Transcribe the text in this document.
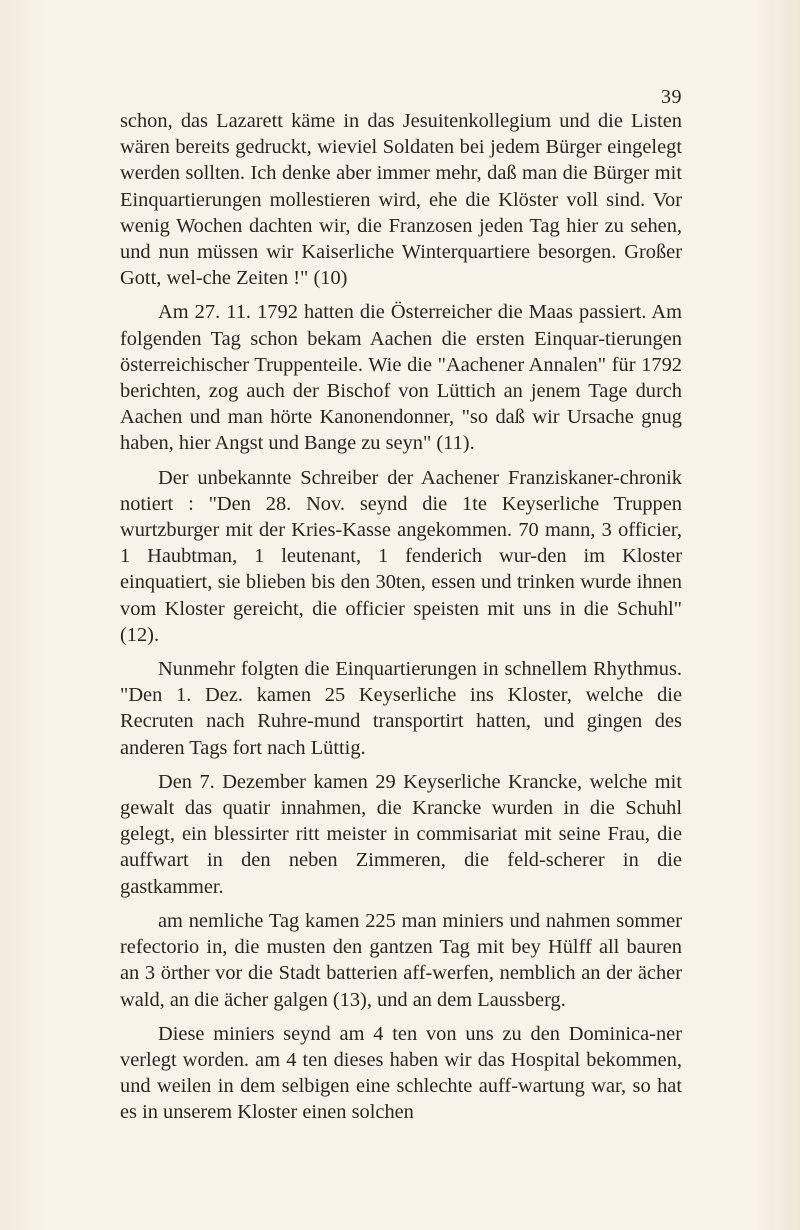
39

schon, das Lazarett käme in das Jesuitenkollegium und die Listen wären bereits gedruckt, wieviel Soldaten bei jedem Bürger eingelegt werden sollten. Ich denke aber immer mehr, daß man die Bürger mit Einquartierungen mollestieren wird, ehe die Klöster voll sind. Vor wenig Wochen dachten wir, die Franzosen jeden Tag hier zu sehen, und nun müssen wir Kaiserliche Winterquartiere besorgen. Großer Gott, wel-che Zeiten !" (10)

Am 27. 11. 1792 hatten die Österreicher die Maas passiert. Am folgenden Tag schon bekam Aachen die ersten Einquar-tierungen österreichischer Truppenteile. Wie die "Aachener Annalen" für 1792 berichten, zog auch der Bischof von Lüttich an jenem Tage durch Aachen und man hörte Kanonendonner, "so daß wir Ursache gnug haben, hier Angst und Bange zu seyn" (11).

Der unbekannte Schreiber der Aachener Franziskaner-chronik notiert : "Den 28. Nov. seynd die 1te Keyserliche Truppen wurtzburger mit der Kries-Kasse angekommen. 70 mann, 3 officier, 1 Haubtman, 1 leutenant, 1 fenderich wur-den im Kloster einquatiert, sie blieben bis den 30ten, essen und trinken wurde ihnen vom Kloster gereicht, die officier speisten mit uns in die Schuhl" (12).

Nunmehr folgten die Einquartierungen in schnellem Rhythmus. "Den 1. Dez. kamen 25 Keyserliche ins Kloster, welche die Recruten nach Ruhre-mund transportirt hatten, und gingen des anderen Tags fort nach Lüttig.

Den 7. Dezember kamen 29 Keyserliche Krancke, welche mit gewalt das quatir innahmen, die Krancke wurden in die Schuhl gelegt, ein blessirter ritt meister in commisariat mit seine Frau, die auffwart in den neben Zimmeren, die feld-scherer in die gastkammer.

am nemliche Tag kamen 225 man miniers und nahmen sommer refectorio in, die musten den gantzen Tag mit bey Hülff all bauren an 3 örther vor die Stadt batterien aff-werfen, nemblich an der ächer wald, an die ächer galgen (13), und an dem Laussberg.

Diese miniers seynd am 4 ten von uns zu den Dominica-ner verlegt worden. am 4 ten dieses haben wir das Hospital bekommen, und weilen in dem selbigen eine schlechte auff-wartung war, so hat es in unserem Kloster einen solchen
